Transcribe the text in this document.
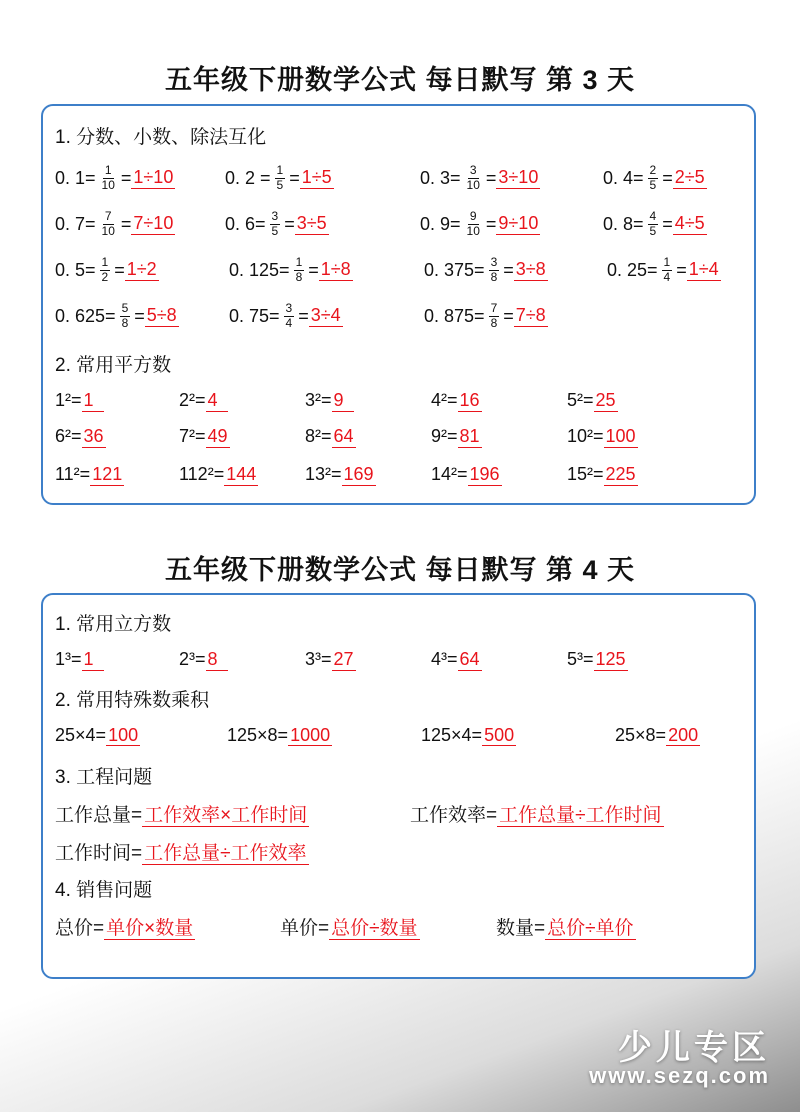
五年级下册数学公式 每日默写 第 3 天
1. 分数、小数、除法互化
0. $1= \frac{1}{10} = 1\div 10$	0. $2 = \frac{1}{5} = 1\div 5$	0. $3= \frac{3}{10} = 3\div 10$	0. $4= \frac{2}{5} = 2\div 5$
0. $7= \frac{7}{10} = 7\div 10$	0. $6= \frac{3}{5} = 3\div 5$	0. $9= \frac{9}{10} = 9\div 10$	0. $8= \frac{4}{5} = 4\div 5$
0. $5= \frac{1}{2} = 1\div 2$	0. $125= \frac{1}{8} = 1\div 8$	0. $375= \frac{3}{8} = 3\div 8$	0. $25= \frac{1}{4} = 1\div 4$
0. $625= \frac{5}{8} = 5\div 8$	0. $75= \frac{3}{4} = 3\div 4$	0. $875= \frac{7}{8} = 7\div 8$
2. 常用平方数
1²= 1	2²= 4	3²= 9	4²= 16	5²= 25
6²= 36	7²= 49	8²= 64	9²= 81	10²= 100
11²= 121	112²= 144	13²= 169	14²= 196	15²= 225
五年级下册数学公式 每日默写 第 4 天
1. 常用立方数
1³= 1	2³= 8	3³= 27	4³= 64	5³= 125
2. 常用特殊数乘积
25×4= 100	125×8= 1000	125×4= 500	25×8= 200
3. 工程问题
工作总量= 工作效率×工作时间	工作效率= 工作总量÷工作时间
工作时间= 工作总量÷工作效率
4. 销售问题
总价= 单价×数量	单价= 总价÷数量	数量= 总价÷单价
少儿专区
www.sezq.com
